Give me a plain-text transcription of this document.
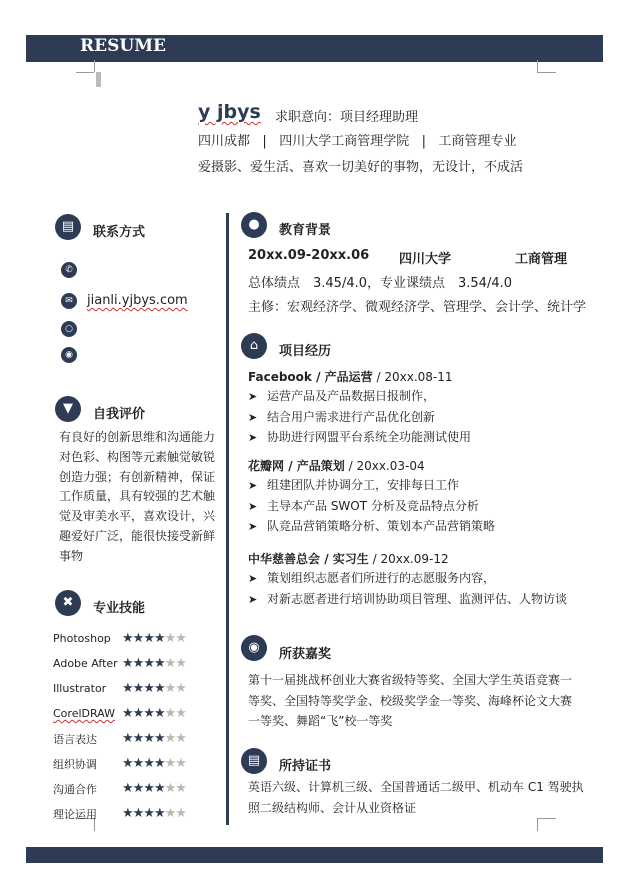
RESUME
y jbys 求职意向：项目经理助理
四川成都 | 四川大学工商管理学院 | 工商管理专业
爱摄影、爱生活、喜欢一切美好的事物，无设计，不成活
▤	联系方式
✆
✉	jianli.yjbys.com
○
◉
▼	自我评价
有良好的创新思维和沟通能力对色彩、构图等元素触觉敏锐创造力强；有创新精神，保证工作质量，具有较强的艺术触觉及审美水平，喜欢设计，兴趣爱好广泛，能很快接受新鲜事物
✖	专业技能
Photoshop ★★★★★★
Adobe After ★★★★★★
Illustrator	★★★★★★
CorelDRAW ★★★★★★
语言表达	★★★★★★
组织协调	★★★★★★
沟通合作	★★★★★★
理论运用	★★★★★★
●	教育背景
20xx.09-20xx.06 四川大学	工商管理
总体绩点　3.45/4.0，专业课绩点　3.54/4.0
主修：宏观经济学、微观经济学、管理学、会计学、统计学
⌂	项目经历
Facebook / 产品运营 / 20xx.08-11
➤ 运营产品及产品数据日报制作，
➤ 结合用户需求进行产品优化创新
➤ 协助进行网盟平台系统全功能测试使用
花瓣网 / 产品策划 / 20xx.03-04
➤ 组建团队并协调分工，安排每日工作
➤ 主导本产品 SWOT 分析及竞品特点分析
➤ 队竞品营销策略分析、策划本产品营销策略
中华慈善总会 / 实习生 / 20xx.09-12
➤ 策划组织志愿者们所进行的志愿服务内容，
➤ 对新志愿者进行培训协助项目管理、监测评估、人物访谈
◉	所获嘉奖
第十一届挑战杯创业大赛省级特等奖、全国大学生英语竞赛一等奖、全国特等奖学金、校级奖学金一等奖、海峰杯论文大赛一等奖、舞蹈“飞”校一等奖
▤	所持证书
英语六级、计算机三级、全国普通话二级甲、机动车 C1 驾驶执照二级结构师、会计从业资格证
